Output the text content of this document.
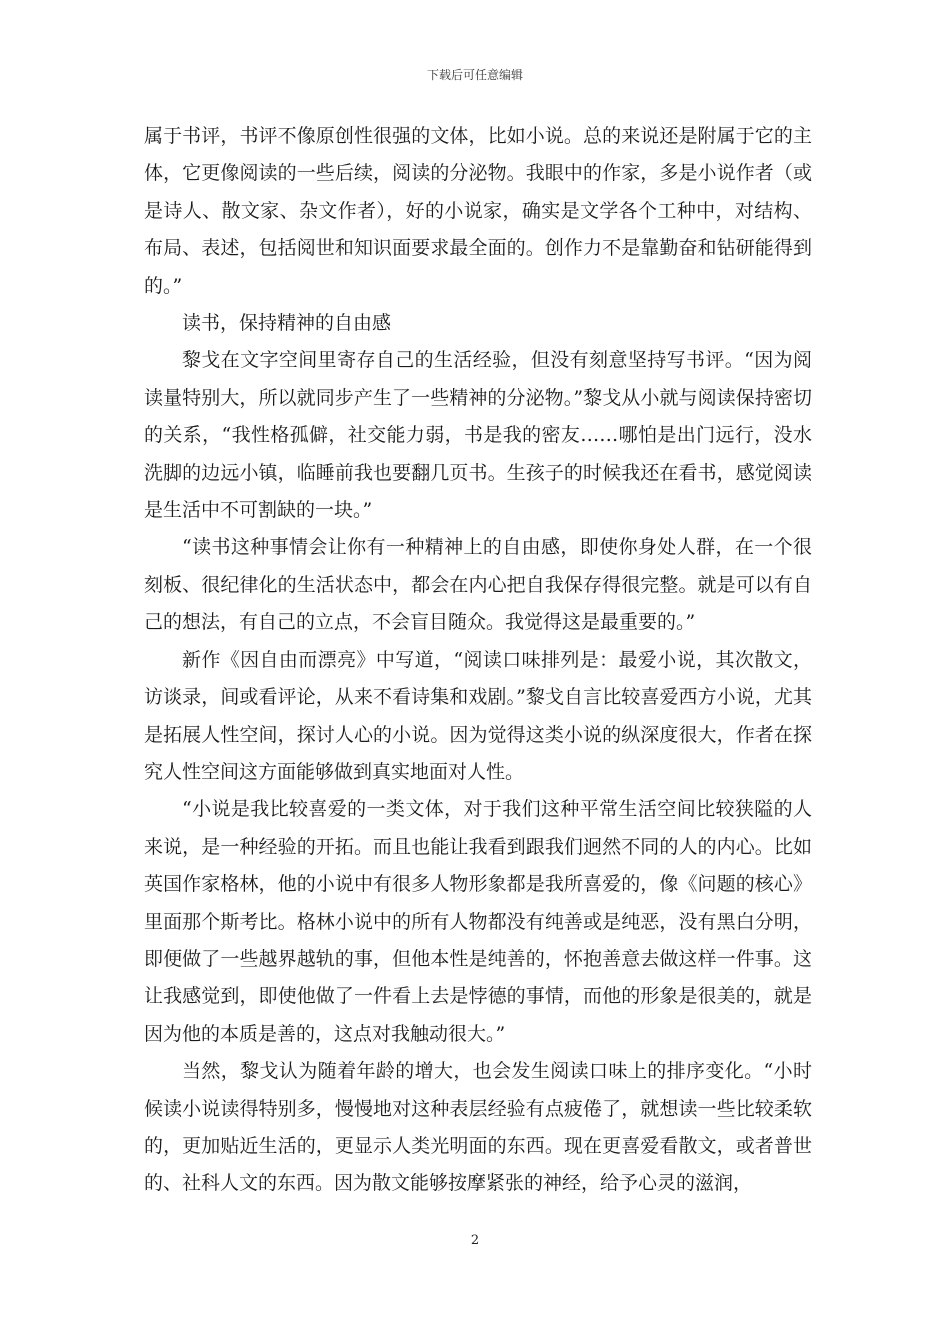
下载后可任意编辑

属于书评，书评不像原创性很强的文体，比如小说。总的来说还是附属于它的主体，它更像阅读的一些后续，阅读的分泌物。我眼中的作家，多是小说作者（或是诗人、散文家、杂文作者），好的小说家，确实是文学各个工种中，对结构、布局、表述，包括阅世和知识面要求最全面的。创作力不是靠勤奋和钻研能得到的。”

读书，保持精神的自由感

黎戈在文字空间里寄存自己的生活经验，但没有刻意坚持写书评。“因为阅读量特别大，所以就同步产生了一些精神的分泌物。”黎戈从小就与阅读保持密切的关系，“我性格孤僻，社交能力弱，书是我的密友……哪怕是出门远行，没水洗脚的边远小镇，临睡前我也要翻几页书。生孩子的时候我还在看书，感觉阅读是生活中不可割缺的一块。”

“读书这种事情会让你有一种精神上的自由感，即使你身处人群，在一个很刻板、很纪律化的生活状态中，都会在内心把自我保存得很完整。就是可以有自己的想法，有自己的立点，不会盲目随众。我觉得这是最重要的。”

新作《因自由而漂亮》中写道，“阅读口味排列是：最爱小说，其次散文，访谈录，间或看评论，从来不看诗集和戏剧。”黎戈自言比较喜爱西方小说，尤其是拓展人性空间，探讨人心的小说。因为觉得这类小说的纵深度很大，作者在探究人性空间这方面能够做到真实地面对人性。

“小说是我比较喜爱的一类文体，对于我们这种平常生活空间比较狭隘的人来说，是一种经验的开拓。而且也能让我看到跟我们迥然不同的人的内心。比如英国作家格林，他的小说中有很多人物形象都是我所喜爱的，像《问题的核心》里面那个斯考比。格林小说中的所有人物都没有纯善或是纯恶，没有黑白分明，即便做了一些越界越轨的事，但他本性是纯善的，怀抱善意去做这样一件事。这让我感觉到，即使他做了一件看上去是悖德的事情，而他的形象是很美的，就是因为他的本质是善的，这点对我触动很大。”

当然，黎戈认为随着年龄的增大，也会发生阅读口味上的排序变化。“小时候读小说读得特别多，慢慢地对这种表层经验有点疲倦了，就想读一些比较柔软的，更加贴近生活的，更显示人类光明面的东西。现在更喜爱看散文，或者普世的、社科人文的东西。因为散文能够按摩紧张的神经，给予心灵的滋润，

2
